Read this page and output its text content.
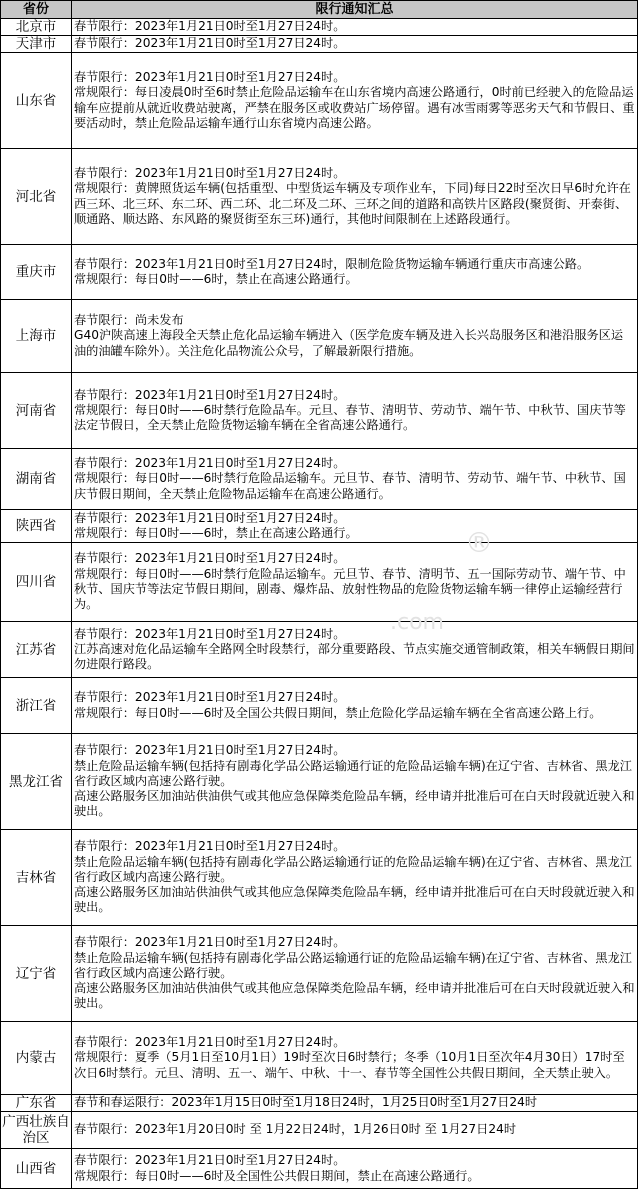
省份	限行通知汇总
北京市	春节限行：2023年1月21日0时至1月27日24时。

天津市	春节限行：2023年1月21日0时至1月27日24时。

山东省	春节限行：2023年1月21日0时至1月27日24时。
常规限行：每日凌晨0时至6时禁止危险品运输车在山东省境内高速公路通行，0时前已经驶入的危险品运输车应提前从就近收费站驶离，严禁在服务区或收费站广场停留。遇有冰雪雨雾等恶劣天气和节假日、重要活动时，禁止危险品运输车通行山东省境内高速公路。

河北省	春节限行：2023年1月21日0时至1月27日24时。
常规限行：黄牌照货运车辆(包括重型、中型货运车辆及专项作业车，下同)每日22时至次日早6时允许在西三环、北三环、东二环、西二环、北二环及二环、三环之间的道路和高铁片区路段(聚贤街、开泰街、顺通路、顺达路、东风路的聚贤街至东三环)通行，其他时间限制在上述路段通行。

重庆市	春节限行：2023年1月21日0时至1月27日24时，限制危险货物运输车辆通行重庆市高速公路。
常规限行：每日0时——6时，禁止在高速公路通行。

上海市	春节限行：尚未发布
G40沪陕高速上海段全天禁止危化品运输车辆进入（医学危废车辆及进入长兴岛服务区和港沿服务区运油的油罐车除外）。关注危化品物流公众号，了解最新限行措施。

河南省	春节限行：2023年1月21日0时至1月27日24时。
常规限行：每日0时——6时禁行危险品车。元旦、春节、清明节、劳动节、端午节、中秋节、国庆节等法定节假日，全天禁止危险货物运输车辆在全省高速公路通行。

湖南省	春节限行：2023年1月21日0时至1月27日24时。
常规限行：每日0时——6时禁行危险品运输车。元旦节、春节、清明节、劳动节、端午节、中秋节、国庆节假日期间，全天禁止危险物品运输车在高速公路通行。

陕西省	春节限行：2023年1月21日0时至1月27日24时。
常规限行：每日0时——6时，禁止在高速公路通行。

四川省	春节限行：2023年1月21日0时至1月27日24时。
常规限行：每日0时——6时禁行危险品运输车。元旦节、春节、清明节、五一国际劳动节、端午节、中秋节、国庆节等法定节假日期间，剧毒、爆炸品、放射性物品的危险货物运输车辆一律停止运输经营行为。

江苏省	春节限行：2023年1月21日0时至1月27日24时。
江苏高速对危化品运输车全路网全时段禁行，部分重要路段、节点实施交通管制政策，相关车辆假日期间勿进限行路段。

浙江省	春节限行：2023年1月21日0时至1月27日24时。
常规限行：每日0时——6时及全国公共假日期间，禁止危险化学品运输车辆在全省高速公路上行。

黑龙江省	春节限行：2023年1月21日0时至1月27日24时。
禁止危险品运输车辆(包括持有剧毒化学品公路运输通行证的危险品运输车辆)在辽宁省、吉林省、黑龙江省行政区域内高速公路行驶。
高速公路服务区加油站供油供气或其他应急保障类危险品车辆，经申请并批准后可在白天时段就近驶入和驶出。

吉林省	春节限行：2023年1月21日0时至1月27日24时。
禁止危险品运输车辆(包括持有剧毒化学品公路运输通行证的危险品运输车辆)在辽宁省、吉林省、黑龙江省行政区域内高速公路行驶。
高速公路服务区加油站供油供气或其他应急保障类危险品车辆，经申请并批准后可在白天时段就近驶入和驶出。

辽宁省	春节限行：2023年1月21日0时至1月27日24时。
禁止危险品运输车辆(包括持有剧毒化学品公路运输通行证的危险品运输车辆)在辽宁省、吉林省、黑龙江省行政区域内高速公路行驶。
高速公路服务区加油站供油供气或其他应急保障类危险品车辆，经申请并批准后可在白天时段就近驶入和驶出。

内蒙古	春节限行：2023年1月21日0时至1月27日24时。
常规限行：夏季（5月1日至10月1日）19时至次日6时禁行；冬季（10月1日至次年4月30日）17时至次日6时禁行。元旦、清明、五一、端午、中秋、十一、春节等全国性公共假日期间，全天禁止驶入。

广东省	春节和春运限行：2023年1月15日0时至1月18日24时，1月25日0时至1月27日24时

广西壮族自治区	春节限行：2023年1月20日0时 至 1月22日24时，1月26日0时 至 1月27日24时

山西省	春节限行：2023年1月21日0时至1月27日24时。
常规限行：每日0时——6时及全国性公共假日期间，禁止在高速公路通行。
®
.com
